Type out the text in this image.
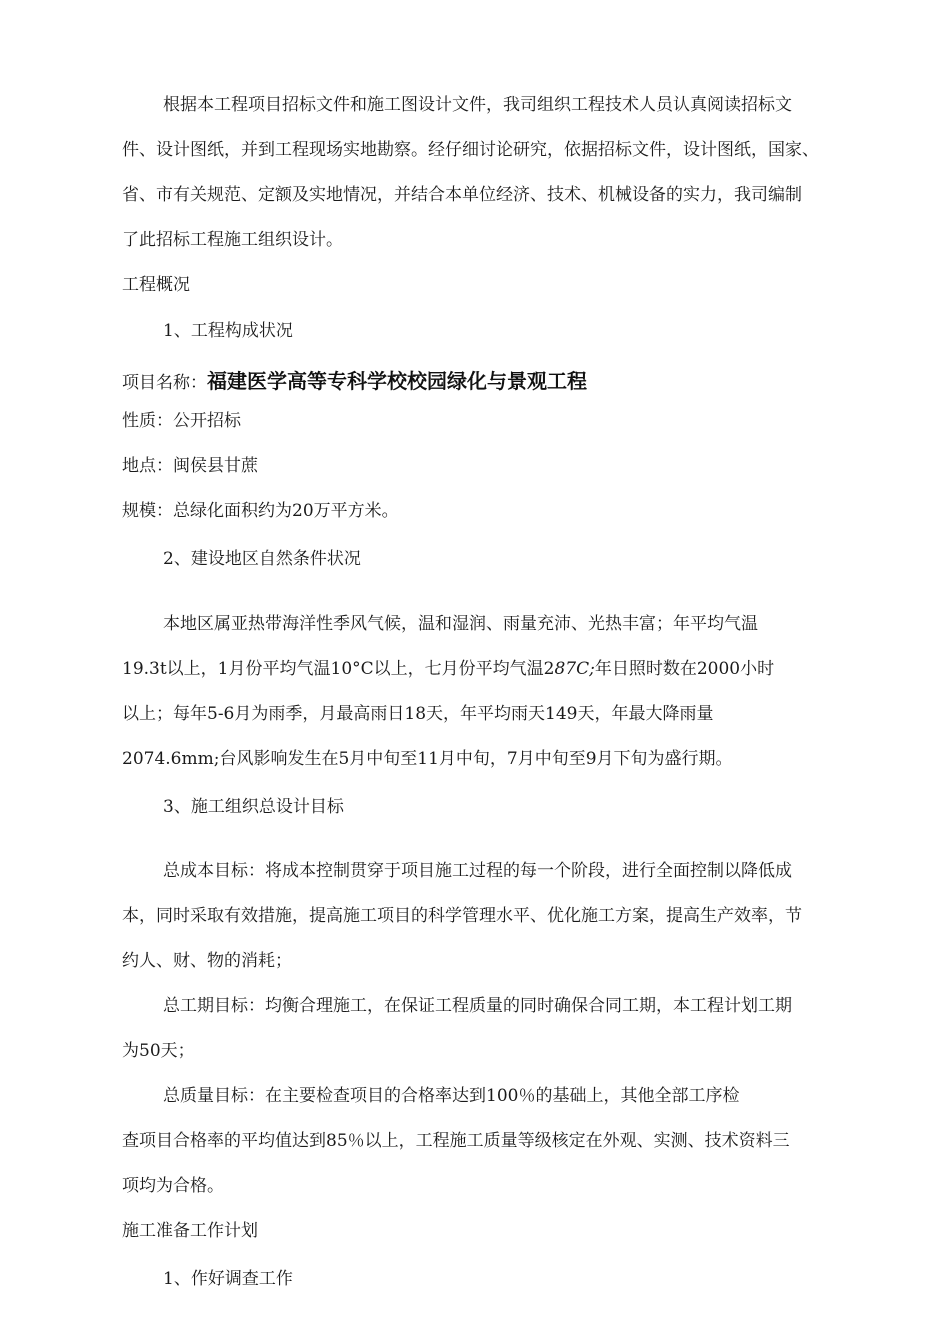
根据本工程项目招标文件和施工图设计文件，我司组织工程技术人员认真阅读招标文
件、设计图纸，并到工程现场实地勘察。经仔细讨论研究，依据招标文件，设计图纸，国家、
省、市有关规范、定额及实地情况，并结合本单位经济、技术、机械设备的实力，我司编制
了此招标工程施工组织设计。
工程概况
1、工程构成状况
项目名称：福建医学高等专科学校校园绿化与景观工程
性质：公开招标
地点：闽侯县甘蔗
规模：总绿化面积约为20万平方米。
2、建设地区自然条件状况
本地区属亚热带海洋性季风气候，温和湿润、雨量充沛、光热丰富；年平均气温
19.3t以上，1月份平均气温10°C以上，七月份平均气温287C;年日照时数在2000小时
以上；每年5-6月为雨季，月最高雨日18天，年平均雨天149天，年最大降雨量
2074.6mm;台风影响发生在5月中旬至11月中旬，7月中旬至9月下旬为盛行期。
3、施工组织总设计目标
总成本目标：将成本控制贯穿于项目施工过程的每一个阶段，进行全面控制以降低成
本，同时采取有效措施，提高施工项目的科学管理水平、优化施工方案，提高生产效率，节
约人、财、物的消耗；
总工期目标：均衡合理施工，在保证工程质量的同时确保合同工期，本工程计划工期
为50天；
总质量目标：在主要检查项目的合格率达到100％的基础上，其他全部工序检
查项目合格率的平均值达到85％以上，工程施工质量等级核定在外观、实测、技术资料三
项均为合格。
施工准备工作计划
1、作好调查工作
